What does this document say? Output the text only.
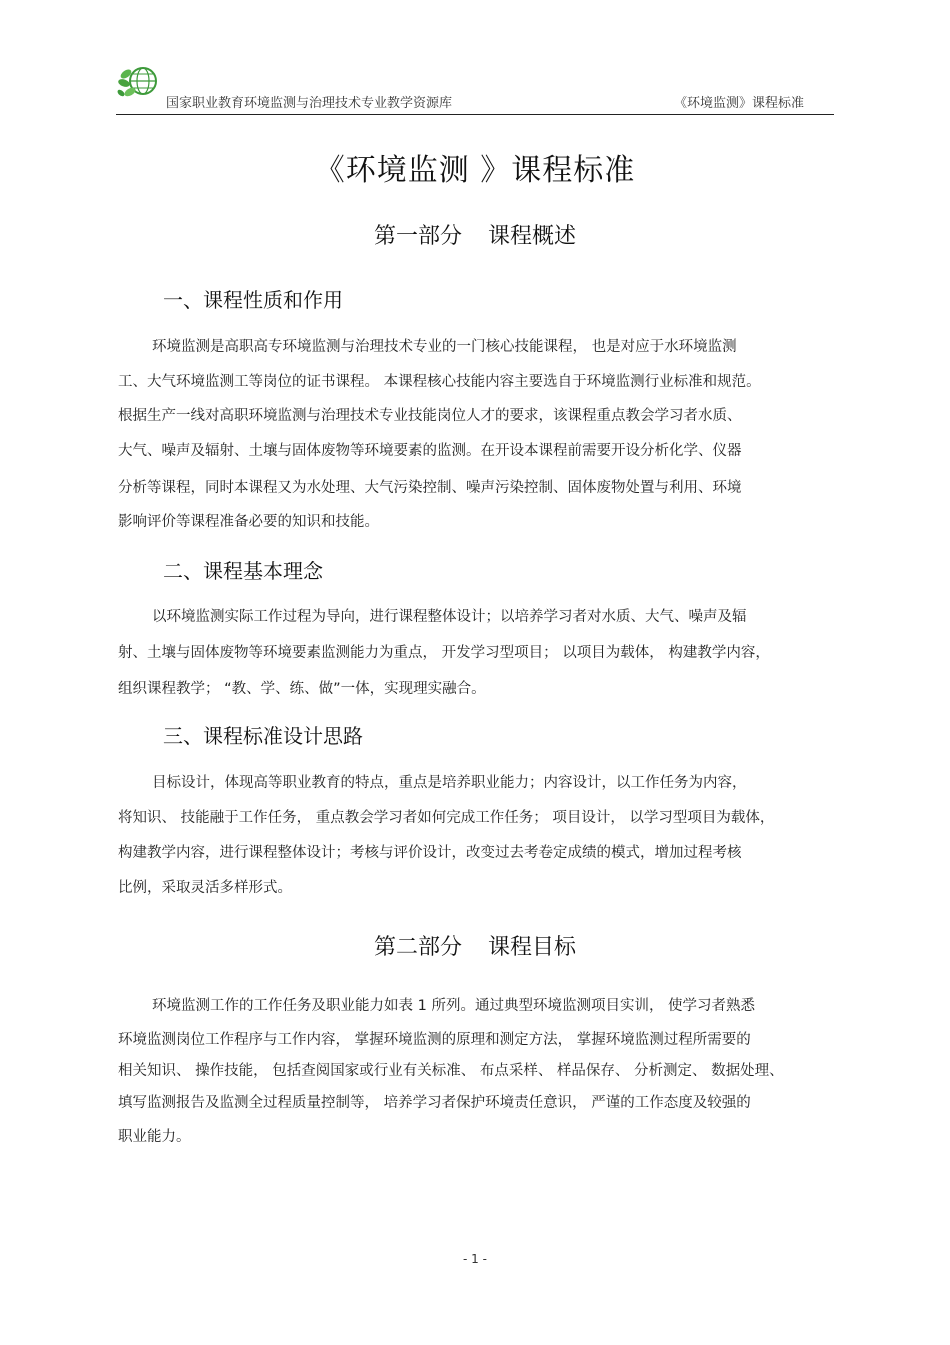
国家职业教育环境监测与治理技术专业教学资源库	《环境监测》课程标准
《环境监测 》课程标准
第一部分 课程概述
一、课程性质和作用
环境监测是高职高专环境监测与治理技术专业的一门核心技能课程， 也是对应于水环境监测
工、大气环境监测工等岗位的证书课程。 本课程核心技能内容主要选自于环境监测行业标准和规范。
根据生产一线对高职环境监测与治理技术专业技能岗位人才的要求，该课程重点教会学习者水质、
大气、噪声及辐射、土壤与固体废物等环境要素的监测。在开设本课程前需要开设分析化学、仪器
分析等课程，同时本课程又为水处理、大气污染控制、噪声污染控制、固体废物处置与利用、环境
影响评价等课程准备必要的知识和技能。
二、课程基本理念
以环境监测实际工作过程为导向，进行课程整体设计；以培养学习者对水质、大气、噪声及辐
射、土壤与固体废物等环境要素监测能力为重点， 开发学习型项目； 以项目为载体， 构建教学内容，
组织课程教学； “教、学、练、做”一体，实现理实融合。
三、课程标准设计思路
目标设计，体现高等职业教育的特点，重点是培养职业能力；内容设计，以工作任务为内容，
将知识、 技能融于工作任务， 重点教会学习者如何完成工作任务； 项目设计， 以学习型项目为载体，
构建教学内容，进行课程整体设计；考核与评价设计，改变过去考卷定成绩的模式，增加过程考核
比例，采取灵活多样形式。
第二部分 课程目标
环境监测工作的工作任务及职业能力如表 1 所列。通过典型环境监测项目实训， 使学习者熟悉
环境监测岗位工作程序与工作内容， 掌握环境监测的原理和测定方法， 掌握环境监测过程所需要的
相关知识、 操作技能， 包括查阅国家或行业有关标准、 布点采样、 样品保存、 分析测定、 数据处理、
填写监测报告及监测全过程质量控制等， 培养学习者保护环境责任意识， 严谨的工作态度及较强的
职业能力。
- 1 -
